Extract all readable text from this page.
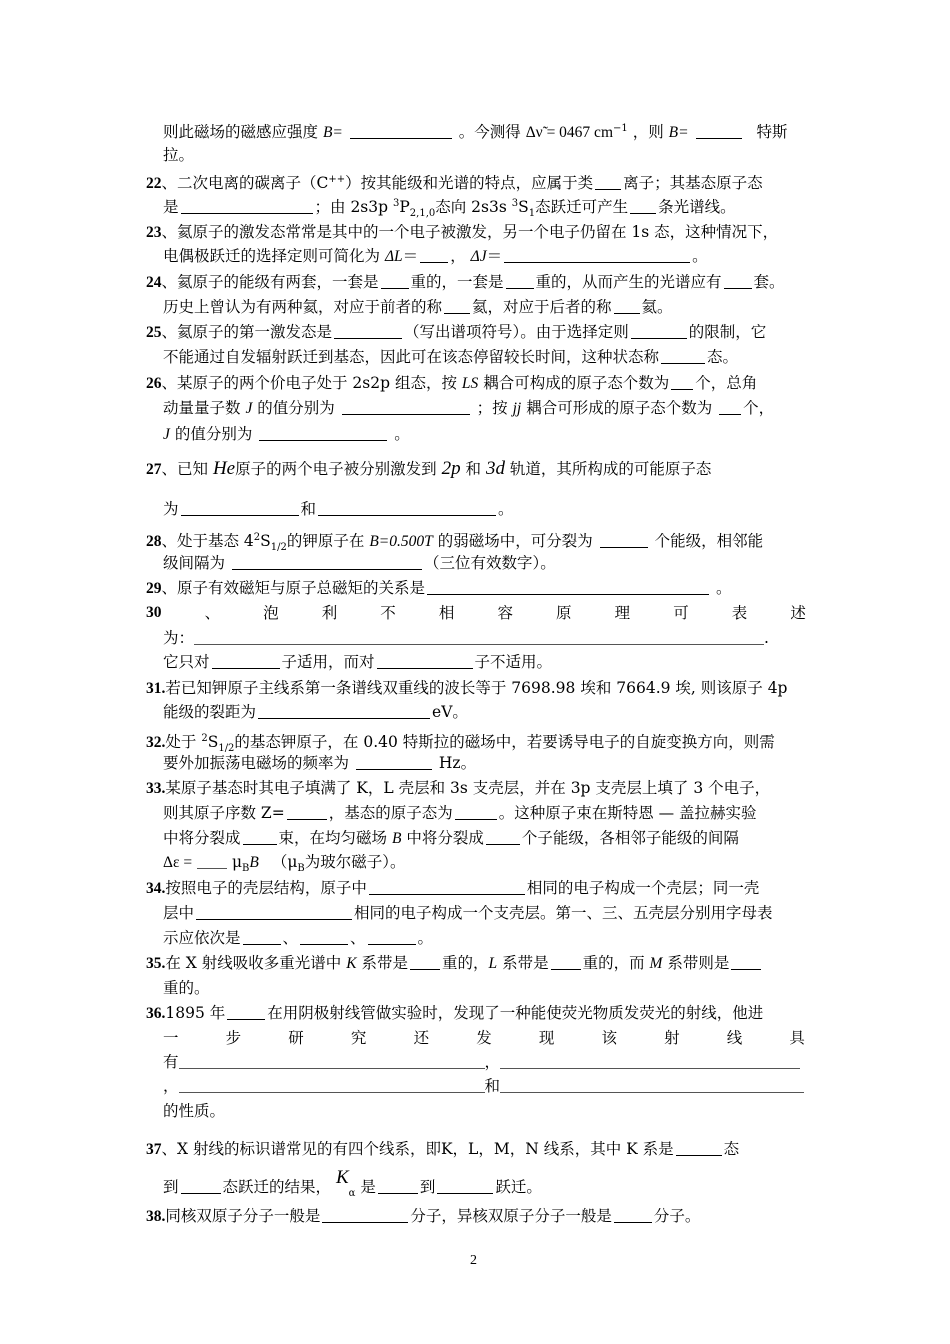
则此磁场的磁感应强度 B=	。今测得 Δν̃ = 0467 $cm^{-1}$ ，则 B=	特斯
拉。
22、二次电离的碳离子（C++）按其能级和光谱的特点，应属于类 离子；其基态原子态
是	；由 2s3p $^3P_{2,1,0}$态向 2s3s $^3S_1$态跃迁可产生 条光谱线。
23、氦原子的激发态常常是其中的一个电子被激发，另一个电子仍留在 1s 态，这种情况下，
电偶极跃迁的选择定则可简化为 ΔL＝ ， ΔJ＝	。
24、氦原子的能级有两套，一套是 重的，一套是 重的，从而产生的光谱应有 套。
历史上曾认为有两种氦，对应于前者的称 氦，对应于后者的称 氦。
25、氦原子的第一激发态是	（写出谱项符号）。由于选择定则	的限制，它
不能通过自发辐射跃迁到基态，因此可在该态停留较长时间，这种状态称	态。
26、某原子的两个价电子处于 2s2p 组态，按 LS 耦合可构成的原子态个数为 个，总角
动量量子数 J 的值分别为	；按 jj 耦合可形成的原子态个数为 个，
J 的值分别为	。
27、已知 He原子的两个电子被分别激发到 2p 和 3d 轨道，其所构成的可能原子态
为	和	。
28、处于基态 $4^2S_{1/2}$的钾原子在 B=0.500T 的弱磁场中，可分裂为	个能级，相邻能
级间隔为	（三位有效数字）。
29、原子有效磁矩与原子总磁矩的关系是	。
30	、	泡	利	不	相	容	原	理	可	表	述
为：	.
它只对	子适用，而对	子不适用。
31.若已知钾原子主线系第一条谱线双重线的波长等于 7698.98 埃和 7664.9 埃, 则该原子 4p
能级的裂距为	eV。
32.处于 $^2S_{1/2}$的基态钾原子，在 0.40 特斯拉的磁场中，若要诱导电子的自旋变换方向，则需
要外加振荡电磁场的频率为	Hz。
33.某原子基态时其电子填满了 K，L 壳层和 3s 支壳层，并在 3p 支壳层上填了 3 个电子，
则其原子序数 Z=	，基态的原子态为	。这种原子束在斯特恩 — 盖拉赫实验
中将分裂成 束，在均匀磁场 B 中将分裂成 个子能级，各相邻子能级的间隔
Δε =	$\mu_BB$ （$\mu_B$为玻尔磁子）。
34.按照电子的壳层结构，原子中	相同的电子构成一个壳层；同一壳
层中	相同的电子构成一个支壳层。第一、三、五壳层分别用字母表
示应依次是	、	、	。
35.在 X 射线吸收多重光谱中 K 系带是 重的，L 系带是 重的，而 M 系带则是
重的。
36.1895 年	在用阴极射线管做实验时，发现了一种能使荧光物质发荧光的射线，他进
一	步	研	究	还	发	现	该	射	线	具
有	，
，	和
的性质。
37、X 射线的标识谱常见的有四个线系，即K，L，M，N 线系，其中 K 系是	态
到	态跃迁的结果， $K_\alpha$ 是	到	跃迁。
38.同核双原子分子一般是	分子，异核双原子分子一般是	分子。
2
